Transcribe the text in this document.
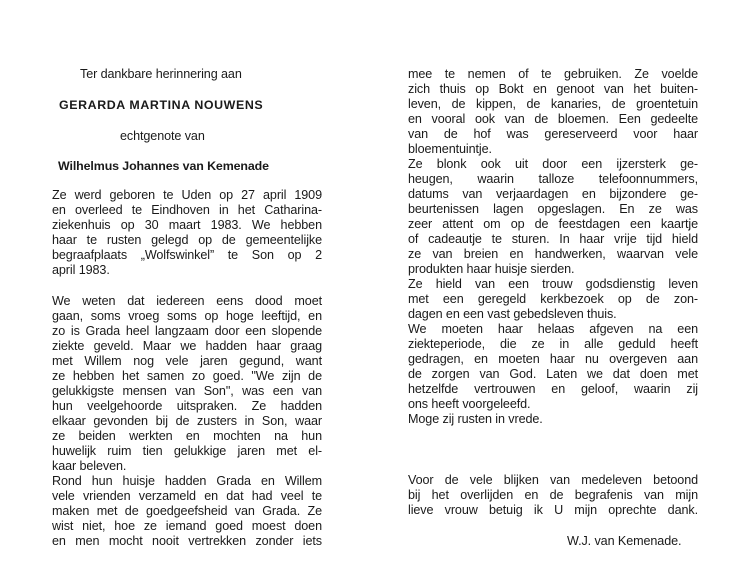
Ter dankbare herinnering aan
GERARDA MARTINA NOUWENS
echtgenote van
Wilhelmus Johannes van Kemenade
Ze werd geboren te Uden op 27 april 1909
en overleed te Eindhoven in het Catharina-
ziekenhuis op 30 maart 1983. We hebben
haar te rusten gelegd op de gemeentelijke
begraafplaats „Wolfswinkel” te Son op 2
april 1983.
We weten dat iedereen eens dood moet
gaan, soms vroeg soms op hoge leeftijd, en
zo is Grada heel langzaam door een slopende
ziekte geveld. Maar we hadden haar graag
met Willem nog vele jaren gegund, want
ze hebben het samen zo goed. "We zijn de
gelukkigste mensen van Son", was een van
hun veelgehoorde uitspraken. Ze hadden
elkaar gevonden bij de zusters in Son, waar
ze beiden werkten en mochten na hun
huwelijk ruim tien gelukkige jaren met el-
kaar beleven.
Rond hun huisje hadden Grada en Willem
vele vrienden verzameld en dat had veel te
maken met de goedgeefsheid van Grada. Ze
wist niet, hoe ze iemand goed moest doen
en men mocht nooit vertrekken zonder iets
mee te nemen of te gebruiken. Ze voelde
zich thuis op Bokt en genoot van het buiten-
leven, de kippen, de kanaries, de groentetuin
en vooral ook van de bloemen. Een gedeelte
van de hof was gereserveerd voor haar
bloementuintje.
Ze blonk ook uit door een ijzersterk ge-
heugen, waarin talloze telefoonnummers,
datums van verjaardagen en bijzondere ge-
beurtenissen lagen opgeslagen. En ze was
zeer attent om op de feestdagen een kaartje
of cadeautje te sturen. In haar vrije tijd hield
ze van breien en handwerken, waarvan vele
produkten haar huisje sierden.
Ze hield van een trouw godsdienstig leven
met een geregeld kerkbezoek op de zon-
dagen en een vast gebedsleven thuis.
We moeten haar helaas afgeven na een
ziekteperiode, die ze in alle geduld heeft
gedragen, en moeten haar nu overgeven aan
de zorgen van God. Laten we dat doen met
hetzelfde vertrouwen en geloof, waarin zij
ons heeft voorgeleefd.
Moge zij rusten in vrede.
Voor de vele blijken van medeleven betoond
bij het overlijden en de begrafenis van mijn
lieve vrouw betuig ik U mijn oprechte dank.
W.J. van Kemenade.
